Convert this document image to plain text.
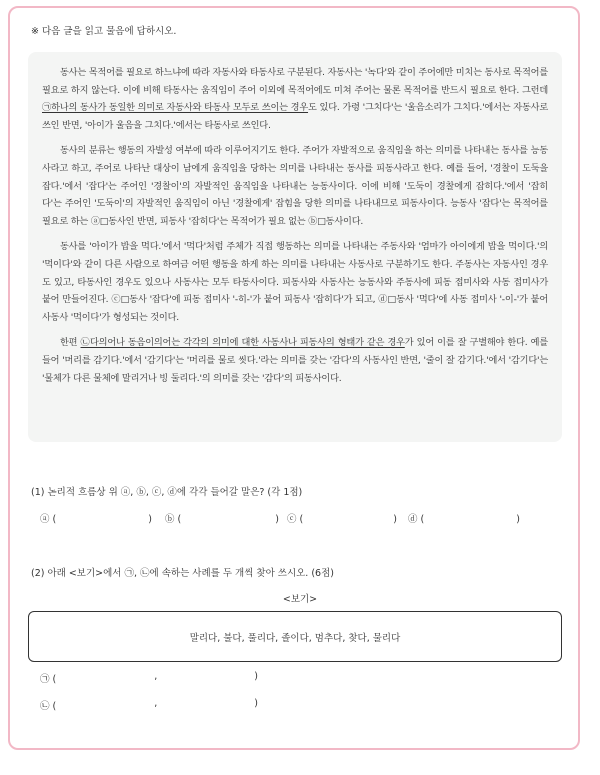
※ 다음 글을 읽고 물음에 답하시오.

동사는 목적어를 필요로 하느냐에 따라 자동사와 타동사로 구분된다. 자동사는 '녹다'와 같이 주어에만 미치는 동사로 목적어를 필요로 하지 않는다. 이에 비해 타동사는 움직임이 주어 이외에 목적어에도 미쳐 주어는 물론 목적어를 반드시 필요로 한다. 그런데 ㉠하나의 동사가 동일한 의미로 자동사와 타동사 모두로 쓰이는 경우도 있다. 가령 '그치다'는 '울음소리가 그치다.'에서는 자동사로 쓰인 반면, '아이가 울음을 그치다.'에서는 타동사로 쓰인다.

동사의 분류는 행동의 자발성 여부에 따라 이루어지기도 한다. 주어가 자발적으로 움직임을 하는 의미를 나타내는 동사를 능동사라고 하고, 주어로 나타난 대상이 남에게 움직임을 당하는 의미를 나타내는 동사를 피동사라고 한다. 예를 들어, '경찰이 도둑을 잡다.'에서 '잡다'는 주어인 '경찰이'의 자발적인 움직임을 나타내는 능동사이다. 이에 비해 '도둑이 경찰에게 잡히다.'에서 '잡히다'는 주어인 '도둑이'의 자발적인 움직임이 아닌 '경찰에게' 잡힘을 당한 의미를 나타내므로 피동사이다. 능동사 '잡다'는 목적어를 필요로 하는 ⓐ□동사인 반면, 피동사 '잡히다'는 목적어가 필요 없는 ⓑ□동사이다.

동사를 '아이가 밥을 먹다.'에서 '먹다'처럼 주체가 직접 행동하는 의미를 나타내는 주동사와 '엄마가 아이에게 밥을 먹이다.'의 '먹이다'와 같이 다른 사람으로 하여금 어떤 행동을 하게 하는 의미를 나타내는 사동사로 구분하기도 한다. 주동사는 자동사인 경우도 있고, 타동사인 경우도 있으나 사동사는 모두 타동사이다. 피동사와 사동사는 능동사와 주동사에 피동 접미사와 사동 접미사가 붙어 만들어진다. ⓒ□동사 '잡다'에 피동 접미사 '-히-'가 붙어 피동사 '잡히다'가 되고, ⓓ□동사 '먹다'에 사동 접미사 '-이-'가 붙어 사동사 '먹이다'가 형성되는 것이다.

한편 ㉡다의어나 동음이의어는 각각의 의미에 대한 사동사나 피동사의 형태가 같은 경우가 있어 이를 잘 구별해야 한다. 예를 들어 '머리를 감기다.'에서 '감기다'는 '머리를 물로 씻다.'라는 의미를 갖는 '감다'의 사동사인 반면, '줄이 잘 감기다.'에서 '감기다'는 '물체가 다른 물체에 말리거나 빙 둘리다.'의 의미를 갖는 '감다'의 피동사이다.

(1) 논리적 흐름상 위 ⓐ, ⓑ, ⓒ, ⓓ에 각각 들어갈 말은? (각 1점)
ⓐ (	)	ⓑ (	) ⓒ (	)	ⓓ (	)
(2) 아래 <보기>에서 ㉠, ㉡에 속하는 사례를 두 개씩 찾아 쓰시오. (6점)
<보기>
말리다, 불다, 풀리다, 졸이다, 멈추다, 찾다, 물리다
㉠ (	,	)
㉡ (	,	)
